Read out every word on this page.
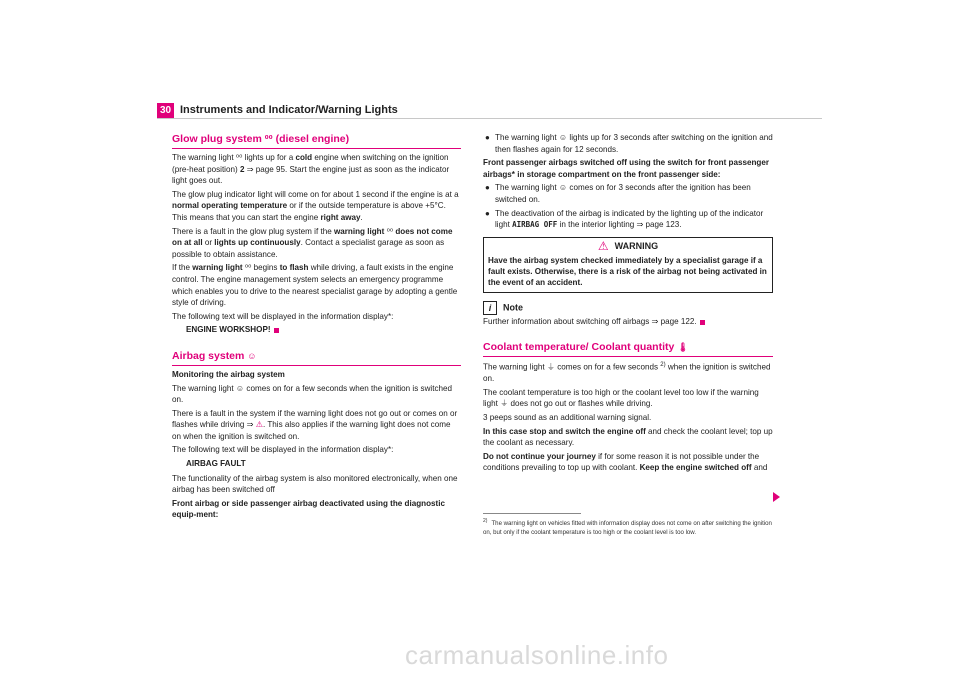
30 Instruments and Indicator/Warning Lights
Glow plug system ⁰⁰ (diesel engine)

The warning light ⁰⁰ lights up for a cold engine when switching on the ignition (pre-heat position) 2 ⇒ page 95. Start the engine just as soon as the indicator light goes out.

The glow plug indicator light will come on for about 1 second if the engine is at a normal operating temperature or if the outside temperature is above +5°C. This means that you can start the engine right away.

There is a fault in the glow plug system if the warning light ⁰⁰ does not come on at all or lights up continuously. Contact a specialist garage as soon as possible to obtain assistance.

If the warning light ⁰⁰ begins to flash while driving, a fault exists in the engine control. The engine management system selects an emergency programme which enables you to drive to the nearest specialist garage by adopting a gentle style of driving.

The following text will be displayed in the information display*:

ENGINE WORKSHOP!
Airbag system ☺

Monitoring the airbag system

The warning light ☺ comes on for a few seconds when the ignition is switched on.

There is a fault in the system if the warning light does not go out or comes on or flashes while driving ⇒ ⚠. This also applies if the warning light does not come on when the ignition is switched on.

The following text will be displayed in the information display*:

AIRBAG FAULT

The functionality of the airbag system is also monitored electronically, when one airbag has been switched off

Front airbag or side passenger airbag deactivated using the diagnostic equip-ment:

● The warning light ☺ lights up for 3 seconds after switching on the ignition and then flashes again for 12 seconds.

Front passenger airbags switched off using the switch for front passenger airbags* in storage compartment on the front passenger side:

● The warning light ☺ comes on for 3 seconds after the ignition has been switched on.
● The deactivation of the airbag is indicated by the lighting up of the indicator light AIRBAG OFF in the interior lighting ⇒ page 123.
⚠ WARNING
Have the airbag system checked immediately by a specialist garage if a fault exists. Otherwise, there is a risk of the airbag not being activated in the event of an accident.
i Note

Further information about switching off airbags ⇒ page 122.

Coolant temperature/ Coolant quantity 🌡︎

The warning light ⏚ comes on for a few seconds $^{2)}$ when the ignition is switched on.

The coolant temperature is too high or the coolant level too low if the warning light ⏚ does not go out or flashes while driving.

3 peeps sound as an additional warning signal.

In this case stop and switch the engine off and check the coolant level; top up the coolant as necessary.

Do not continue your journey if for some reason it is not possible under the conditions prevailing to top up with coolant. Keep the engine switched off and

$^{2)}$ The warning light on vehicles fitted with information display does not come on after switching the ignition on, but only if the coolant temperature is too high or the coolant level is too low.
carmanualsonline.info
